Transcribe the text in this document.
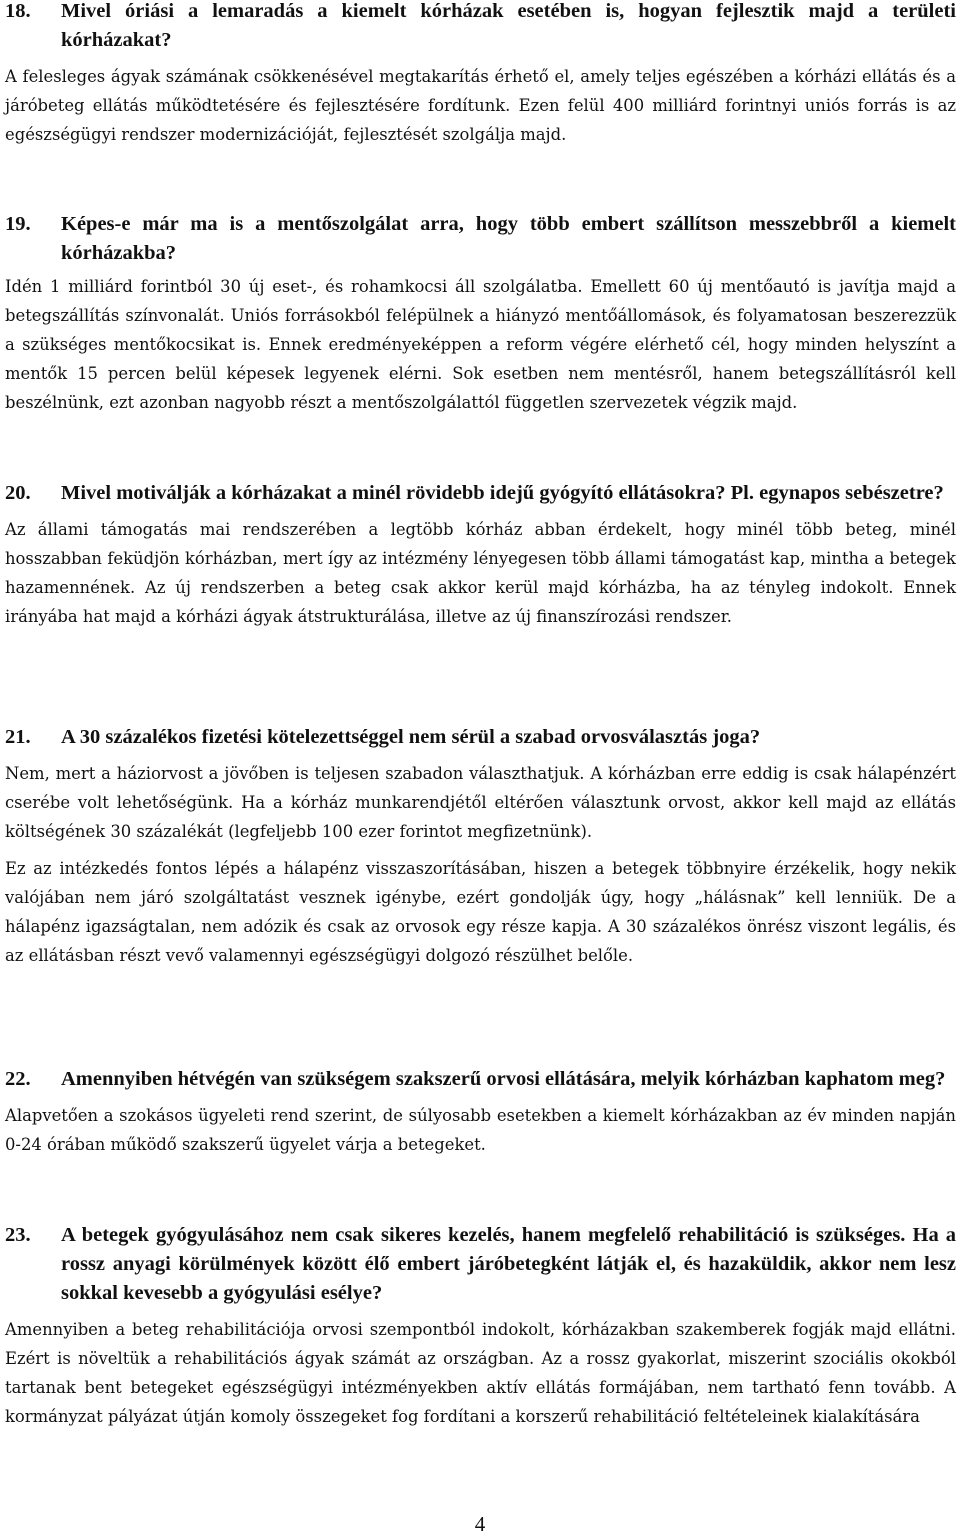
18.	Mivel óriási a lemaradás a kiemelt kórházak esetében is, hogyan fejlesztik majd a területi kórházakat?

A felesleges ágyak számának csökkenésével megtakarítás érhető el, amely teljes egészében a kórházi ellátás és a járóbeteg ellátás működtetésére és fejlesztésére fordítunk. Ezen felül 400 milliárd forintnyi uniós forrás is az egészségügyi rendszer modernizációját, fejlesztését szolgálja majd.

19.	Képes-e már ma is a mentőszolgálat arra, hogy több embert szállítson messzebbről a kiemelt kórházakba?

Idén 1 milliárd forintból 30 új eset-, és rohamkocsi áll szolgálatba. Emellett 60 új mentőautó is javítja majd a betegszállítás színvonalát. Uniós forrásokból felépülnek a hiányzó mentőállomások, és folyamatosan beszerezzük a szükséges mentőkocsikat is. Ennek eredményeképpen a reform végére elérhető cél, hogy minden helyszínt a mentők 15 percen belül képesek legyenek elérni. Sok esetben nem mentésről, hanem betegszállításról kell beszélnünk, ezt azonban nagyobb részt a mentőszolgálattól független szervezetek végzik majd.

20.	Mivel motiválják a kórházakat a minél rövidebb idejű gyógyító ellátásokra? Pl. egynapos sebészetre?

Az állami támogatás mai rendszerében a legtöbb kórház abban érdekelt, hogy minél több beteg, minél hosszabban feküdjön kórházban, mert így az intézmény lényegesen több állami támogatást kap, mintha a betegek hazamennének. Az új rendszerben a beteg csak akkor kerül majd kórházba, ha az tényleg indokolt. Ennek irányába hat majd a kórházi ágyak átstrukturálása, illetve az új finanszírozási rendszer.

21.	A 30 százalékos fizetési kötelezettséggel nem sérül a szabad orvosválasztás joga?

Nem, mert a háziorvost a jövőben is teljesen szabadon választhatjuk. A kórházban erre eddig is csak hálapénzért cserébe volt lehetőségünk. Ha a kórház munkarendjétől eltérően választunk orvost, akkor kell majd az ellátás költségének 30 százalékát (legfeljebb 100 ezer forintot megfizetnünk).

Ez az intézkedés fontos lépés a hálapénz visszaszorításában, hiszen a betegek többnyire érzékelik, hogy nekik valójában nem járó szolgáltatást vesznek igénybe, ezért gondolják úgy, hogy „hálásnak” kell lenniük. De a hálapénz igazságtalan, nem adózik és csak az orvosok egy része kapja. A 30 százalékos önrész viszont legális, és az ellátásban részt vevő valamennyi egészségügyi dolgozó részülhet belőle.

22.	Amennyiben hétvégén van szükségem szakszerű orvosi ellátására, melyik kórházban kaphatom meg?

Alapvetően a szokásos ügyeleti rend szerint, de súlyosabb esetekben a kiemelt kórházakban az év minden napján 0-24 órában működő szakszerű ügyelet várja a betegeket.

23.	A betegek gyógyulásához nem csak sikeres kezelés, hanem megfelelő rehabilitáció is szükséges. Ha a rossz anyagi körülmények között élő embert járóbetegként látják el, és hazaküldik, akkor nem lesz sokkal kevesebb a gyógyulási esélye?

Amennyiben a beteg rehabilitációja orvosi szempontból indokolt, kórházakban szakemberek fogják majd ellátni. Ezért is növeltük a rehabilitációs ágyak számát az országban. Az a rossz gyakorlat, miszerint szociális okokból tartanak bent betegeket egészségügyi intézményekben aktív ellátás formájában, nem tartható fenn tovább. A kormányzat pályázat útján komoly összegeket fog fordítani a korszerű rehabilitáció feltételeinek kialakítására

4
